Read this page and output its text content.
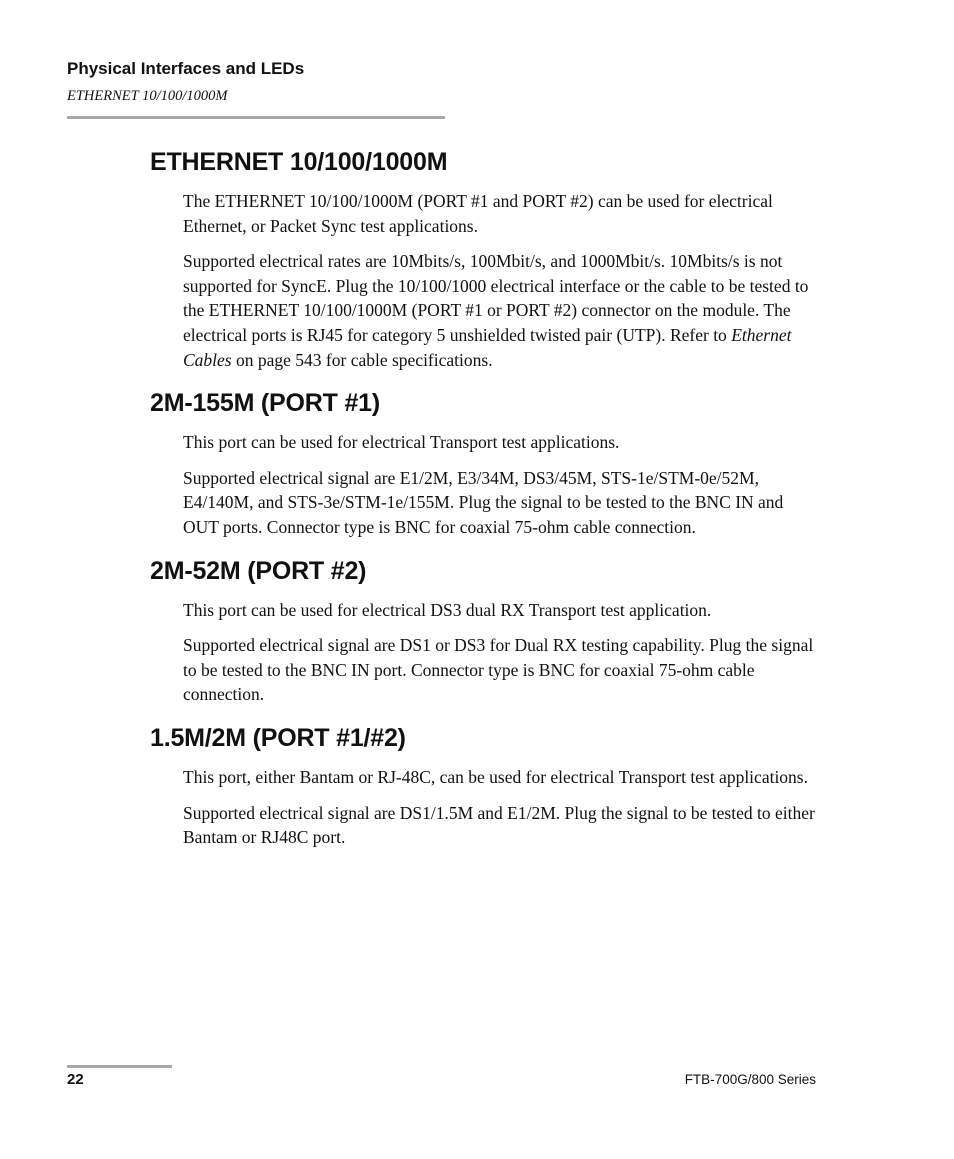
Physical Interfaces and LEDs
ETHERNET 10/100/1000M
ETHERNET 10/100/1000M

The ETHERNET 10/100/1000M (PORT #1 and PORT #2) can be used for electrical Ethernet, or Packet Sync test applications.

Supported electrical rates are 10Mbits/s, 100Mbit/s, and 1000Mbit/s. 10Mbits/s is not supported for SyncE. Plug the 10/100/1000 electrical interface or the cable to be tested to the ETHERNET 10/100/1000M (PORT #1 or PORT #2) connector on the module. The electrical ports is RJ45 for category 5 unshielded twisted pair (UTP). Refer to Ethernet Cables on page 543 for cable specifications.

2M-155M (PORT #1)

This port can be used for electrical Transport test applications.

Supported electrical signal are E1/2M, E3/34M, DS3/45M, STS-1e/STM-0e/52M, E4/140M, and STS-3e/STM-1e/155M. Plug the signal to be tested to the BNC IN and OUT ports. Connector type is BNC for coaxial 75-ohm cable connection.

2M-52M (PORT #2)

This port can be used for electrical DS3 dual RX Transport test application.

Supported electrical signal are DS1 or DS3 for Dual RX testing capability. Plug the signal to be tested to the BNC IN port. Connector type is BNC for coaxial 75-ohm cable connection.

1.5M/2M (PORT #1/#2)

This port, either Bantam or RJ-48C, can be used for electrical Transport test applications.

Supported electrical signal are DS1/1.5M and E1/2M. Plug the signal to be tested to either Bantam or RJ48C port.

22	FTB-700G/800 Series
